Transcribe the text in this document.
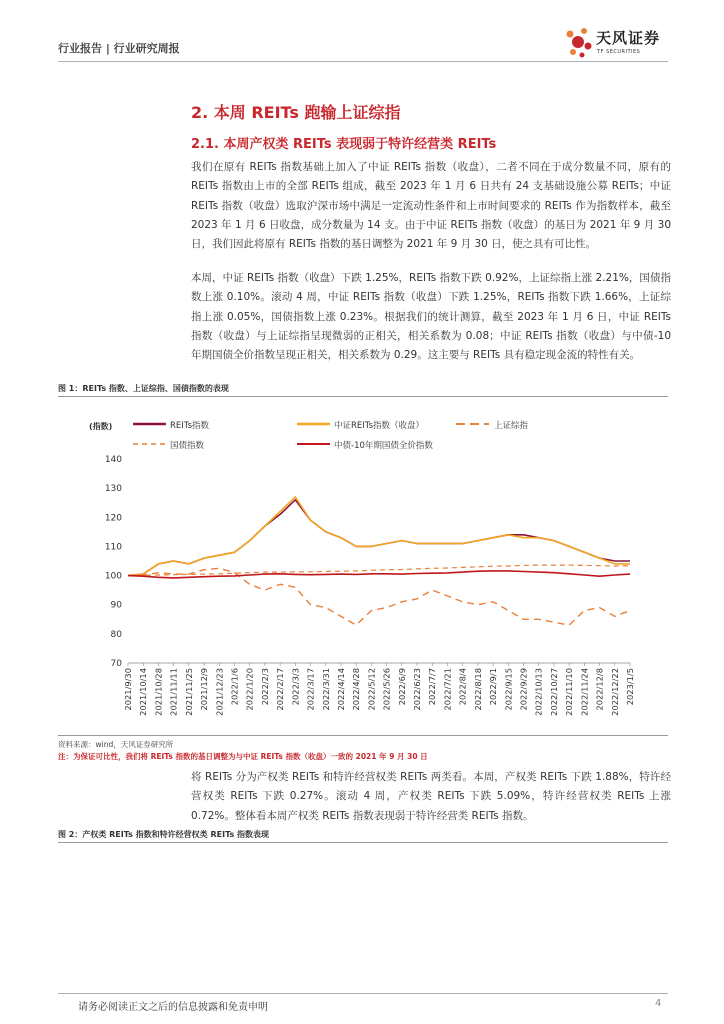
行业报告 | 行业研究周报
天风证券
TF SECURITIES
2. 本周 REITs 跑输上证综指
2.1. 本周产权类 REITs 表现弱于特许经营类 REITs

我们在原有 REITs 指数基础上加入了中证 REITs 指数（收盘），二者不同在于成分数量不同，原有的 REITs 指数由上市的全部 REITs 组成，截至 2023 年 1 月 6 日共有 24 支基础设施公募 REITs；中证 REITs 指数（收盘）选取沪深市场中满足一定流动性条件和上市时间要求的 REITs 作为指数样本，截至 2023 年 1 月 6 日收盘，成分数量为 14 支。由于中证 REITs 指数（收盘）的基日为 2021 年 9 月 30 日，我们因此将原有 REITs 指数的基日调整为 2021 年 9 月 30 日，使之具有可比性。

本周，中证 REITs 指数（收盘）下跌 1.25%，REITs 指数下跌 0.92%，上证综指上涨 2.21%，国债指数上涨 0.10%。滚动 4 周，中证 REITs 指数（收盘）下跌 1.25%，REITs 指数下跌 1.66%，上证综指上涨 0.05%，国债指数上涨 0.23%。根据我们的统计测算，截至 2023 年 1 月 6 日，中证 REITs 指数（收盘）与上证综指呈现微弱的正相关，相关系数为 0.08；中证 REITs 指数（收盘）与中债-10 年期国债全价指数呈现正相关，相关系数为 0.29。这主要与 REITs 具有稳定现金流的特性有关。

图 1：REITs 指数、上证综指、国债指数的表现
(指数)	REITs指数	中证REITs指数（收盘）	上证综指
国债指数	中债-10年期国债全价指数
140
130
120
110
100
90
80
70
2021/9/30 2021/10/14 2021/10/28 2021/11/11 2021/11/25 2021/12/9 2021/12/23 2022/1/6 2022/1/20 2022/2/3 2022/2/17 2022/3/3 2022/3/17 2022/3/31 2022/4/14 2022/4/28 2022/5/12 2022/5/26 2022/6/9 2022/6/23 2022/7/7 2022/7/21 2022/8/4 2022/8/18 2022/9/1 2022/9/15 2022/9/29 2022/10/13 2022/10/27 2022/11/10 2022/11/24 2022/12/8 2022/12/22 2023/1/5
资料来源：wind，天风证券研究所
注：为保证可比性，我们将 REITs 指数的基日调整为与中证 REITs 指数（收盘）一致的 2021 年 9 月 30 日

将 REITs 分为产权类 REITs 和特许经营权类 REITs 两类看。本周，产权类 REITs 下跌 1.88%，特许经营权类 REITs 下跌 0.27%。滚动 4 周，产权类 REITs 下跌 5.09%，特许经营权类 REITs 上涨 0.72%。整体看本周产权类 REITs 指数表现弱于特许经营类 REITs 指数。

图 2：产权类 REITs 指数和特许经营权类 REITs 指数表现
请务必阅读正文之后的信息披露和免责申明	4
